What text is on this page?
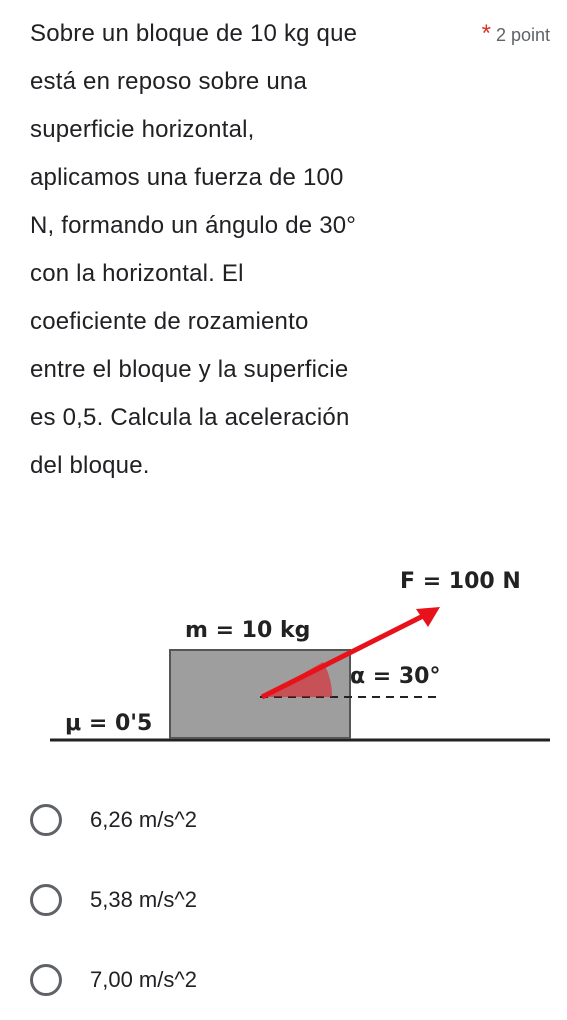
Sobre un bloque de 10 kg que
está en reposo sobre una
superficie horizontal,
aplicamos una fuerza de 100
N, formando un ángulo de 30°
con la horizontal. El
coeficiente de rozamiento
entre el bloque y la superficie
es 0,5. Calcula la aceleración
del bloque.
* 2 point
F = 100 N
m = 10 kg
α = 30°
μ = 0'5
6,26 m/s^2
5,38 m/s^2
7,00 m/s^2
